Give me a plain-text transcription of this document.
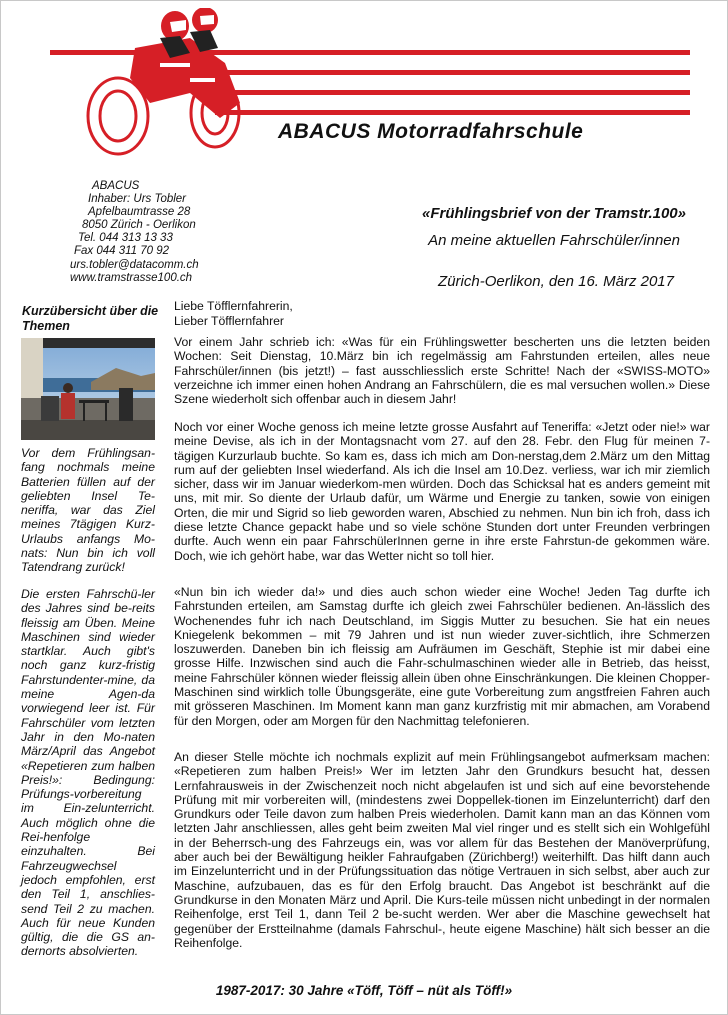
ABACUS Motorradfahrschule
ABACUS
Inhaber: Urs Tobler
Apfelbaumtrasse 28
8050 Zürich - Oerlikon
Tel. 044 313 13 33
Fax 044 311 70 92
urs.tobler@datacomm.ch
www.tramstrasse100.ch
«Frühlingsbrief von der Tramstr.100»
An meine aktuellen Fahrschüler/innen
Zürich-Oerlikon, den 16. März 2017
Kurzübersicht über die Themen
Vor dem Frühlingsan-fang nochmals meine Batterien füllen auf der geliebten Insel Te-neriffa, war das Ziel meines 7tägigen Kurz-Urlaubs anfangs Mo-nats: Nun bin ich voll Tatendrang zurück!
Die ersten Fahrschü-ler des Jahres sind be-reits fleissig am Üben. Meine Maschinen sind wieder startklar. Auch gibt's noch ganz kurz-fristig Fahrstundenter-mine, da meine Agen-da vorwiegend leer ist. Für Fahrschüler vom letzten Jahr in den Mo-naten März/April das Angebot «Repetieren zum halben Preis!»: Bedingung: Prüfungs-vorbereitung im Ein-zelunterricht. Auch möglich ohne die Rei-henfolge einzuhalten. Bei Fahrzeugwechsel jedoch empfohlen, erst den Teil 1, anschlies-send Teil 2 zu machen. Auch für neue Kunden gültig, die die GS an-dernorts absolvierten.
Liebe Töfflernfahrerin,
Lieber Töfflernfahrer
Vor einem Jahr schrieb ich: «Was für ein Frühlingswetter bescherten uns die letzten beiden Wochen: Seit Dienstag, 10.März bin ich regelmässig am Fahrstunden erteilen, alles neue Fahrschüler/innen (bis jetzt!) – fast ausschliesslich erste Schritte! Nach der «SWISS-MOTO» verzeichne ich immer einen hohen Andrang an Fahrschülern, die es mal versuchen wollen.» Diese Szene wiederholt sich offenbar auch in diesem Jahr!
Noch vor einer Woche genoss ich meine letzte grosse Ausfahrt auf Teneriffa: «Jetzt oder nie!» war meine Devise, als ich in der Montagsnacht vom 27. auf den 28. Febr. den Flug für meinen 7-tägigen Kurzurlaub buchte. So kam es, dass ich mich am Don-nerstag,dem 2.März um den Mittag rum auf der geliebten Insel wiederfand. Als ich die Insel am 10.Dez. verliess, war ich mir ziemlich sicher, dass wir im Januar wiederkom-men würden. Doch das Schicksal hat es anders gemeint mit uns, mit mir. So diente der Urlaub dafür, um Wärme und Energie zu tanken, sowie von einigen Orten, die mir und Sigrid so lieb geworden waren, Abschied zu nehmen. Nun bin ich froh, dass ich diese letzte Chance gepackt habe und so viele schöne Stunden dort unter Freunden verbringen durfte. Auch wenn ein paar FahrschülerInnen gerne in ihre erste Fahrstun-de gekommen wäre. Doch, wie ich gehört habe, war das Wetter nicht so toll hier.
«Nun bin ich wieder da!» und dies auch schon wieder eine Woche! Jeden Tag durfte ich Fahrstunden erteilen, am Samstag durfte ich gleich zwei Fahrschüler bedienen. An-lässlich des Wochenendes fuhr ich nach Deutschland, im Siggis Mutter zu besuchen. Sie hat ein neues Kniegelenk bekommen – mit 79 Jahren und ist nun wieder zuver-sichtlich, ihre Schmerzen loszuwerden. Daneben bin ich fleissig am Aufräumen im Geschäft, Stephie ist mir dabei eine grosse Hilfe. Inzwischen sind auch die Fahr-schulmaschinen wieder alle in Betrieb, das heisst, meine Fahrschüler können wieder fleissig allein üben ohne Einschränkungen. Die kleinen Chopper-Maschinen sind wirklich tolle Übungsgeräte, eine gute Vorbereitung zum angstfreien Fahren auch mit grösseren Maschinen. Im Moment kann man ganz kurzfristig mit mir abmachen, am Vorabend für den Morgen, oder am Morgen für den Nachmittag telefonieren.
An dieser Stelle möchte ich nochmals explizit auf mein Frühlingsangebot aufmerksam machen: «Repetieren zum halben Preis!» Wer im letzten Jahr den Grundkurs besucht hat, dessen Lernfahrausweis in der Zwischenzeit noch nicht abgelaufen ist und sich auf eine bevorstehende Prüfung mit mir vorbereiten will, (mindestens zwei Doppellek-tionen im Einzelunterricht) darf den Grundkurs oder Teile davon zum halben Preis wiederholen. Damit kann man an das Können vom letzten Jahr anschliessen, alles geht beim zweiten Mal viel ringer und es stellt sich ein Wohlgefühl in der Beherrsch-ung des Fahrzeugs ein, was vor allem für das Bestehen der Manöverprüfung, aber auch bei der Bewältigung heikler Fahraufgaben (Zürichberg!) weiterhilft. Das hilft dann auch im Einzelunterricht und in der Prüfungssituation das nötige Vertrauen in sich selbst, aber auch zur Maschine, aufzubauen, das es für den Erfolg braucht. Das Angebot ist beschränkt auf die Grundkurse in den Monaten März und April. Die Kurs-teile müssen nicht unbedingt in der normalen Reihenfolge, erst Teil 1, dann Teil 2 be-sucht werden. Wer aber die Maschine gewechselt hat gegenüber der Erstteilnahme (damals Fahrschul-, heute eigene Maschine) hält sich besser an die Reihenfolge.
1987-2017: 30 Jahre «Töff, Töff – nüt als Töff!»
